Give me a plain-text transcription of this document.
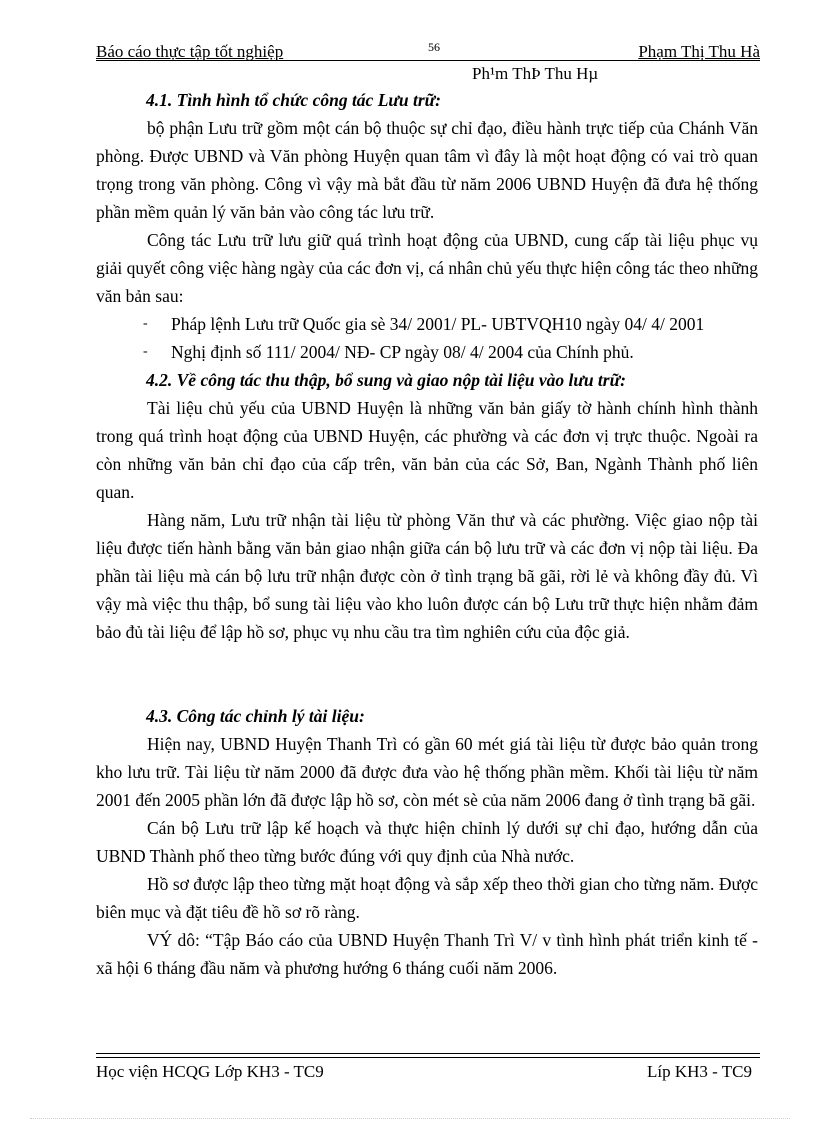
Báo cáo thực tập tốt nghiệp	56	Phạm Thị Thu Hà
Ph¹m ThÞ Thu Hµ
4.1. Tình hình tổ chức công tác Lưu trữ:

bộ phận Lưu trữ gồm một cán bộ thuộc sự chỉ đạo, điều hành trực tiếp của Chánh Văn phòng. Được UBND và Văn phòng Huyện quan tâm vì đây là một hoạt động có vai trò quan trọng trong văn phòng. Công vì vậy mà bắt đầu từ năm 2006 UBND Huyện đã đưa hệ thống phần mềm quản lý văn bản vào công tác lưu trữ.

Công tác Lưu trữ lưu giữ quá trình hoạt động của UBND, cung cấp tài liệu phục vụ giải quyết công việc hàng ngày của các đơn vị, cá nhân chủ yếu thực hiện công tác theo những văn bản sau:

-	Pháp lệnh Lưu trữ Quốc gia sè 34/ 2001/ PL- UBTVQH10 ngày 04/ 4/ 2001
-	Nghị định số 111/ 2004/ NĐ- CP ngày 08/ 4/ 2004 của Chính phủ.
4.2. Về công tác thu thập, bổ sung và giao nộp tài liệu vào lưu trữ:

Tài liệu chủ yếu của UBND Huyện là những văn bản giấy tờ hành chính hình thành trong quá trình hoạt động của UBND Huyện, các phường và các đơn vị trực thuộc. Ngoài ra còn những văn bản chỉ đạo của cấp trên, văn bản của các Sở, Ban, Ngành Thành phố liên quan.

Hàng năm, Lưu trữ nhận tài liệu từ phòng Văn thư và các phường. Việc giao nộp tài liệu được tiến hành bằng văn bản giao nhận giữa cán bộ lưu trữ và các đơn vị nộp tài liệu. Đa phần tài liệu mà cán bộ lưu trữ nhận được còn ở tình trạng bã gãi, rời lẻ và không đầy đủ. Vì vậy mà việc thu thập, bổ sung tài liệu vào kho luôn được cán bộ Lưu trữ thực hiện nhằm đảm bảo đủ tài liệu để lập hồ sơ, phục vụ nhu cầu tra tìm nghiên cứu của độc giả.

4.3. Công tác chỉnh lý tài liệu:

Hiện nay, UBND Huyện Thanh Trì có gần 60 mét giá tài liệu từ được bảo quản trong kho lưu trữ. Tài liệu từ năm 2000 đã được đưa vào hệ thống phần mềm. Khối tài liệu từ năm 2001 đến 2005 phần lớn đã được lập hồ sơ, còn mét sè của năm 2006 đang ở tình trạng bã gãi.

Cán bộ Lưu trữ lập kế hoạch và thực hiện chỉnh lý dưới sự chỉ đạo, hướng dẫn của UBND Thành phố theo từng bước đúng với quy định của Nhà nước.

Hồ sơ được lập theo từng mặt hoạt động và sắp xếp theo thời gian cho từng năm. Được biên mục và đặt tiêu đề hồ sơ rõ ràng.

VÝ dô: “Tập Báo cáo của UBND Huyện Thanh Trì V/ v tình hình phát triển kinh tế - xã hội 6 tháng đầu năm và phương hướng 6 tháng cuối năm 2006.

Học viện HCQG Lớp KH3 - TC9	Líp KH3 - TC9
